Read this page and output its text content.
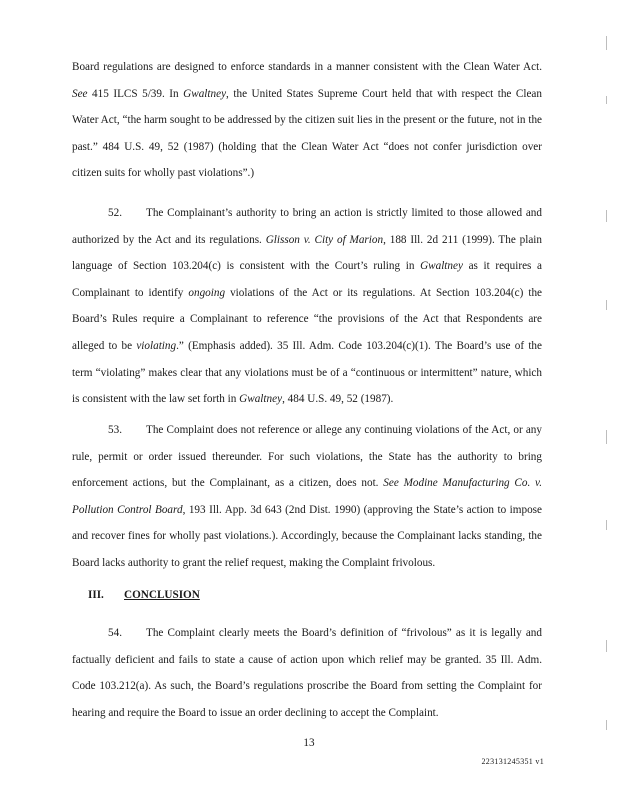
Board regulations are designed to enforce standards in a manner consistent with the Clean Water Act. See 415 ILCS 5/39. In Gwaltney, the United States Supreme Court held that with respect the Clean Water Act, “the harm sought to be addressed by the citizen suit lies in the present or the future, not in the past.” 484 U.S. 49, 52 (1987) (holding that the Clean Water Act “does not confer jurisdiction over citizen suits for wholly past violations”.)

52. The Complainant’s authority to bring an action is strictly limited to those allowed and authorized by the Act and its regulations. Glisson v. City of Marion, 188 Ill. 2d 211 (1999). The plain language of Section 103.204(c) is consistent with the Court’s ruling in Gwaltney as it requires a Complainant to identify ongoing violations of the Act or its regulations. At Section 103.204(c) the Board’s Rules require a Complainant to reference “the provisions of the Act that Respondents are alleged to be violating.” (Emphasis added). 35 Ill. Adm. Code 103.204(c)(1). The Board’s use of the term “violating” makes clear that any violations must be of a “continuous or intermittent” nature, which is consistent with the law set forth in Gwaltney, 484 U.S. 49, 52 (1987).

53. The Complaint does not reference or allege any continuing violations of the Act, or any rule, permit or order issued thereunder. For such violations, the State has the authority to bring enforcement actions, but the Complainant, as a citizen, does not. See Modine Manufacturing Co. v. Pollution Control Board, 193 Ill. App. 3d 643 (2nd Dist. 1990) (approving the State’s action to impose and recover fines for wholly past violations.). Accordingly, because the Complainant lacks standing, the Board lacks authority to grant the relief request, making the Complaint frivolous.

III. CONCLUSION

54. The Complaint clearly meets the Board’s definition of “frivolous” as it is legally and factually deficient and fails to state a cause of action upon which relief may be granted. 35 Ill. Adm. Code 103.212(a). As such, the Board’s regulations proscribe the Board from setting the Complaint for hearing and require the Board to issue an order declining to accept the Complaint.

13
223131245351 v1
